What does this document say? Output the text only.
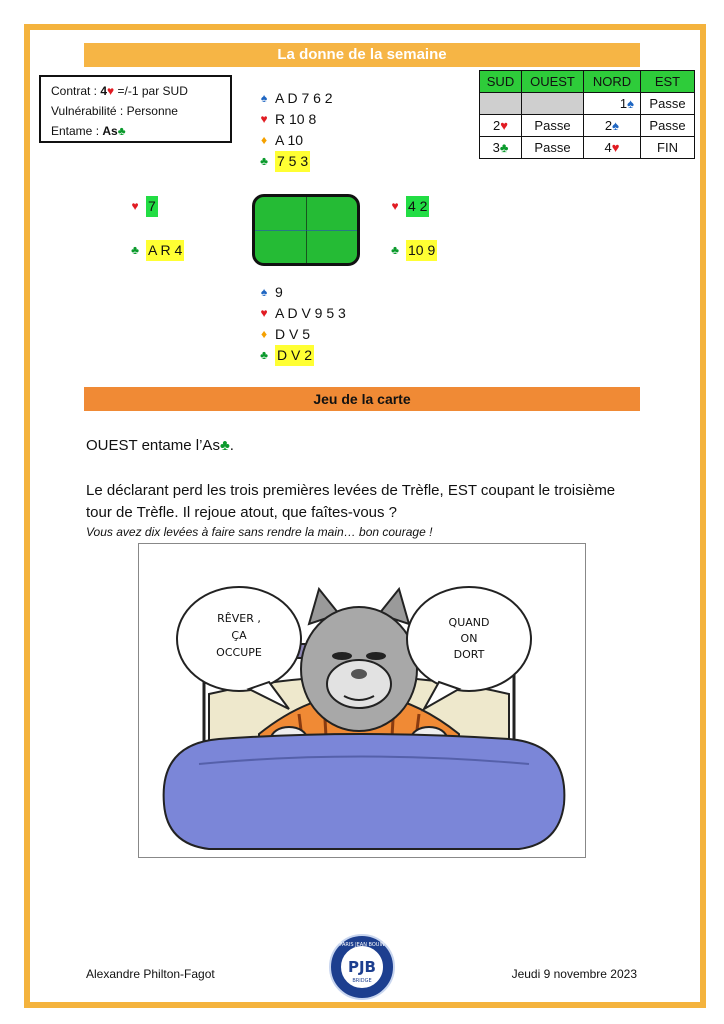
La donne de la semaine
Contrat : 4♥ =/-1 par SUD
Vulnérabilité : Personne
Entame : As♣
♠ A D 7 6 2
♥ R 10 8
♦ A 10
♣ 7 5 3
SUD	OUEST	NORD	EST
		1♠	Passe
2♥	Passe	2♠	Passe
3♣	Passe	4♥	FIN
♥ 7
♣ A R 4
♥ 4 2
♣ 10 9
♠ 9
♥ A D V 9 5 3
♦ D V 5
♣ D V 2
Jeu de la carte
OUEST entame l’As♣.
Le déclarant perd les trois premières levées de Trèfle, EST coupant le troisième
tour de Trèfle. Il rejoue atout, que faîtes-vous ?
Vous avez dix levées à faire sans rendre la main… bon courage !
RÊVER ,
ÇA
OCCUPE
QUAND
ON
DORT
Alexandre Philton-Fagot	Jeudi 9 novembre 2023
PARIS JEAN BOUIN
PJB
BRIDGE
